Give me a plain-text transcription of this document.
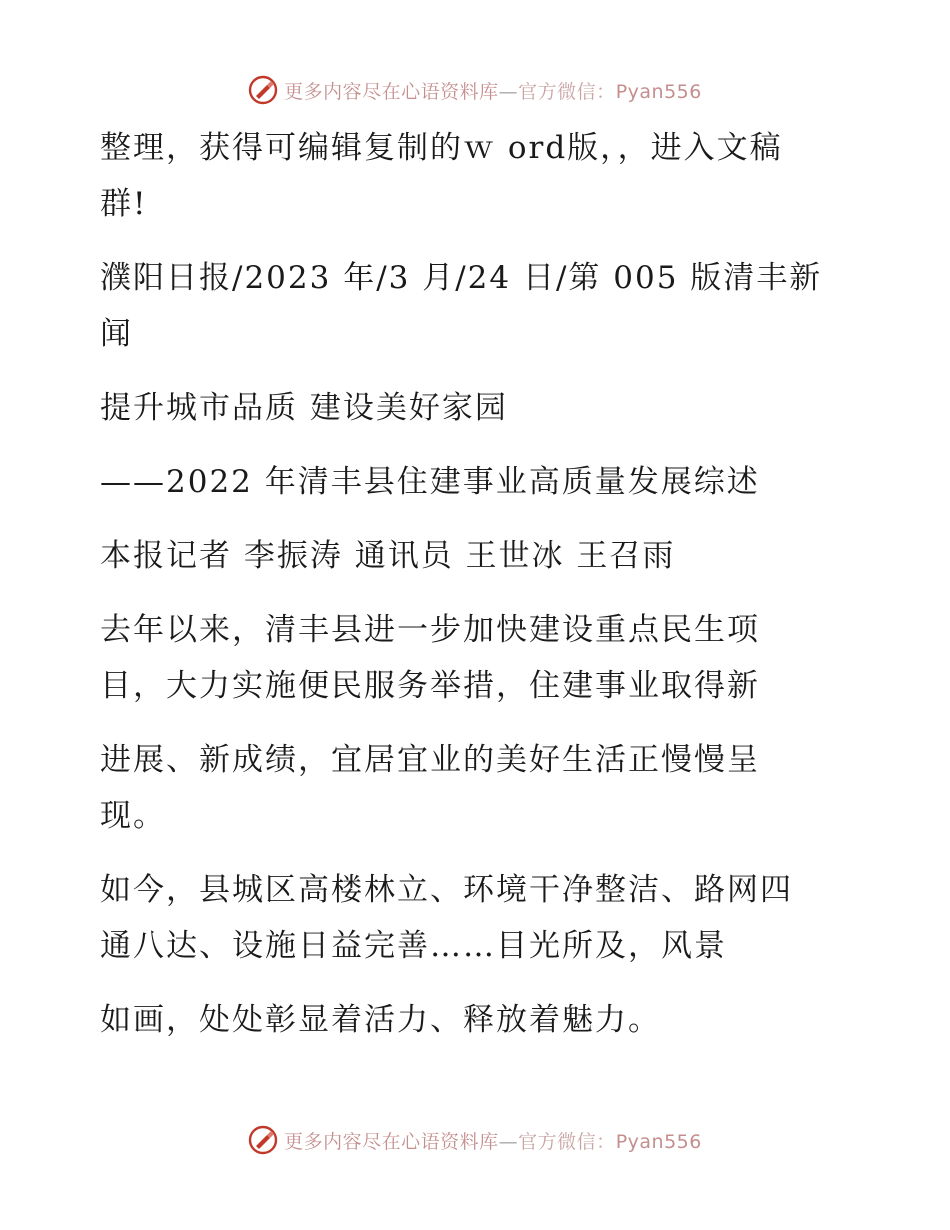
更多内容尽在心语资料库—官方微信：Pyan556

整理，获得可编辑复制的ｗ ord版，，进入文稿
群!

濮阳日报/2023 年/3 月/24 日/第 005 版清丰新
闻

提升城市品质 建设美好家园

——2022 年清丰县住建事业高质量发展综述

本报记者 李振涛 通讯员 王世冰 王召雨

去年以来，清丰县进一步加快建设重点民生项
目，大力实施便民服务举措，住建事业取得新

进展、新成绩，宜居宜业的美好生活正慢慢呈
现。

如今，县城区高楼林立、环境干净整洁、路网四
通八达、设施日益完善……目光所及，风景

如画，处处彰显着活力、释放着魅力。

更多内容尽在心语资料库—官方微信：Pyan556
